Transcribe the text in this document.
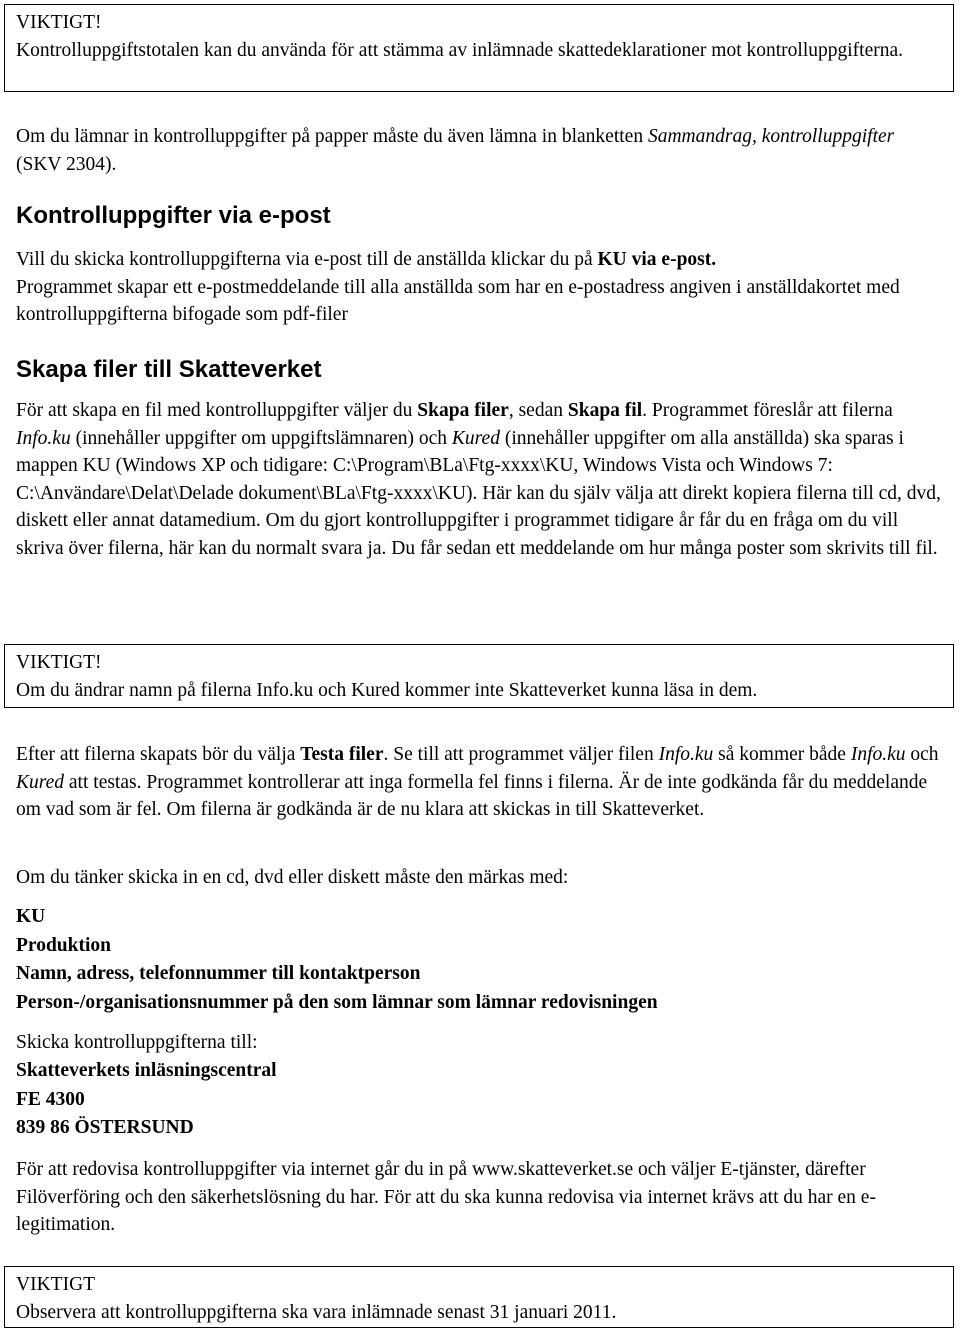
VIKTIGT!
Kontrolluppgiftstotalen kan du använda för att stämma av inlämnade skattedeklarationer mot kontrolluppgifterna.

Om du lämnar in kontrolluppgifter på papper måste du även lämna in blanketten Sammandrag, kontrolluppgifter (SKV 2304).

Kontrolluppgifter via e-post

Vill du skicka kontrolluppgifterna via e-post till de anställda klickar du på KU via e-post.
Programmet skapar ett e-postmeddelande till alla anställda som har en e-postadress angiven i anställdakortet med kontrolluppgifterna bifogade som pdf-filer

Skapa filer till Skatteverket

För att skapa en fil med kontrolluppgifter väljer du Skapa filer, sedan Skapa fil. Programmet föreslår att filerna Info.ku (innehåller uppgifter om uppgiftslämnaren) och Kured (innehåller uppgifter om alla anställda) ska sparas i mappen KU (Windows XP och tidigare: C:\Program\BLa\Ftg-xxxx\KU, Windows Vista och Windows 7: C:\Användare\Delat\Delade dokument\BLa\Ftg-xxxx\KU). Här kan du själv välja att direkt kopiera filerna till cd, dvd, diskett eller annat datamedium. Om du gjort kontrolluppgifter i programmet tidigare år får du en fråga om du vill skriva över filerna, här kan du normalt svara ja. Du får sedan ett meddelande om hur många poster som skrivits till fil.

VIKTIGT!
Om du ändrar namn på filerna Info.ku och Kured kommer inte Skatteverket kunna läsa in dem.

Efter att filerna skapats bör du välja Testa filer. Se till att programmet väljer filen Info.ku så kommer både Info.ku och Kured att testas. Programmet kontrollerar att inga formella fel finns i filerna. Är de inte godkända får du meddelande om vad som är fel. Om filerna är godkända är de nu klara att skickas in till Skatteverket.

Om du tänker skicka in en cd, dvd eller diskett måste den märkas med:

KU
Produktion
Namn, adress, telefonnummer till kontaktperson
Person-/organisationsnummer på den som lämnar som lämnar redovisningen

Skicka kontrolluppgifterna till:

Skatteverkets inläsningscentral
FE 4300
839 86 ÖSTERSUND

För att redovisa kontrolluppgifter via internet går du in på www.skatteverket.se och väljer E-tjänster, därefter Filöverföring och den säkerhetslösning du har. För att du ska kunna redovisa via internet krävs att du har en e-legitimation.

VIKTIGT
Observera att kontrolluppgifterna ska vara inlämnade senast 31 januari 2011.
